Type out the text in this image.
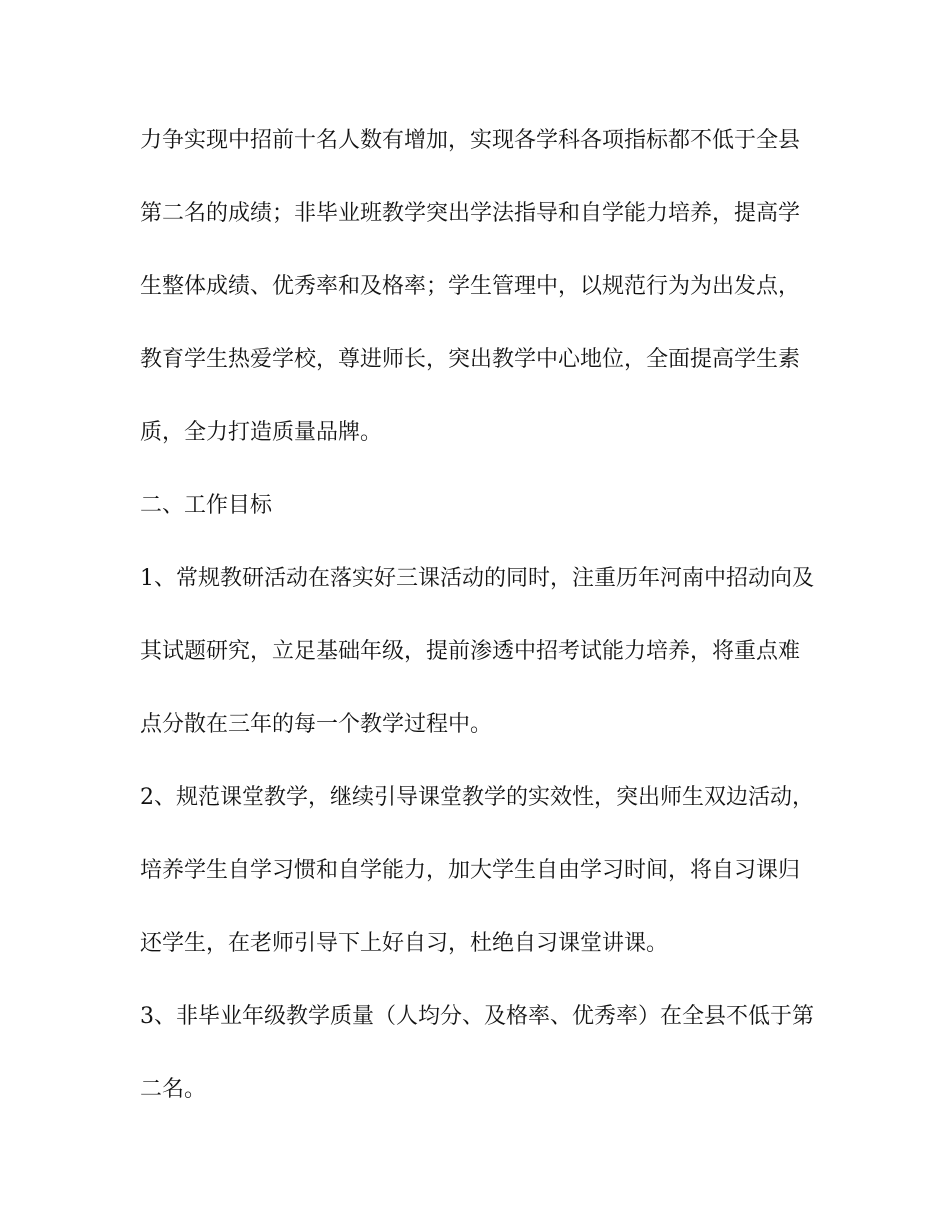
力争实现中招前十名人数有增加，实现各学科各项指标都不低于全县

第二名的成绩；非毕业班教学突出学法指导和自学能力培养，提高学

生整体成绩、优秀率和及格率；学生管理中，以规范行为为出发点，

教育学生热爱学校，尊进师长，突出教学中心地位，全面提高学生素

质，全力打造质量品牌。

二、工作目标

1、常规教研活动在落实好三课活动的同时，注重历年河南中招动向及

其试题研究，立足基础年级，提前渗透中招考试能力培养，将重点难

点分散在三年的每一个教学过程中。

2、规范课堂教学，继续引导课堂教学的实效性，突出师生双边活动，

培养学生自学习惯和自学能力，加大学生自由学习时间，将自习课归

还学生，在老师引导下上好自习，杜绝自习课堂讲课。

3、非毕业年级教学质量（人均分、及格率、优秀率）在全县不低于第

二名。
